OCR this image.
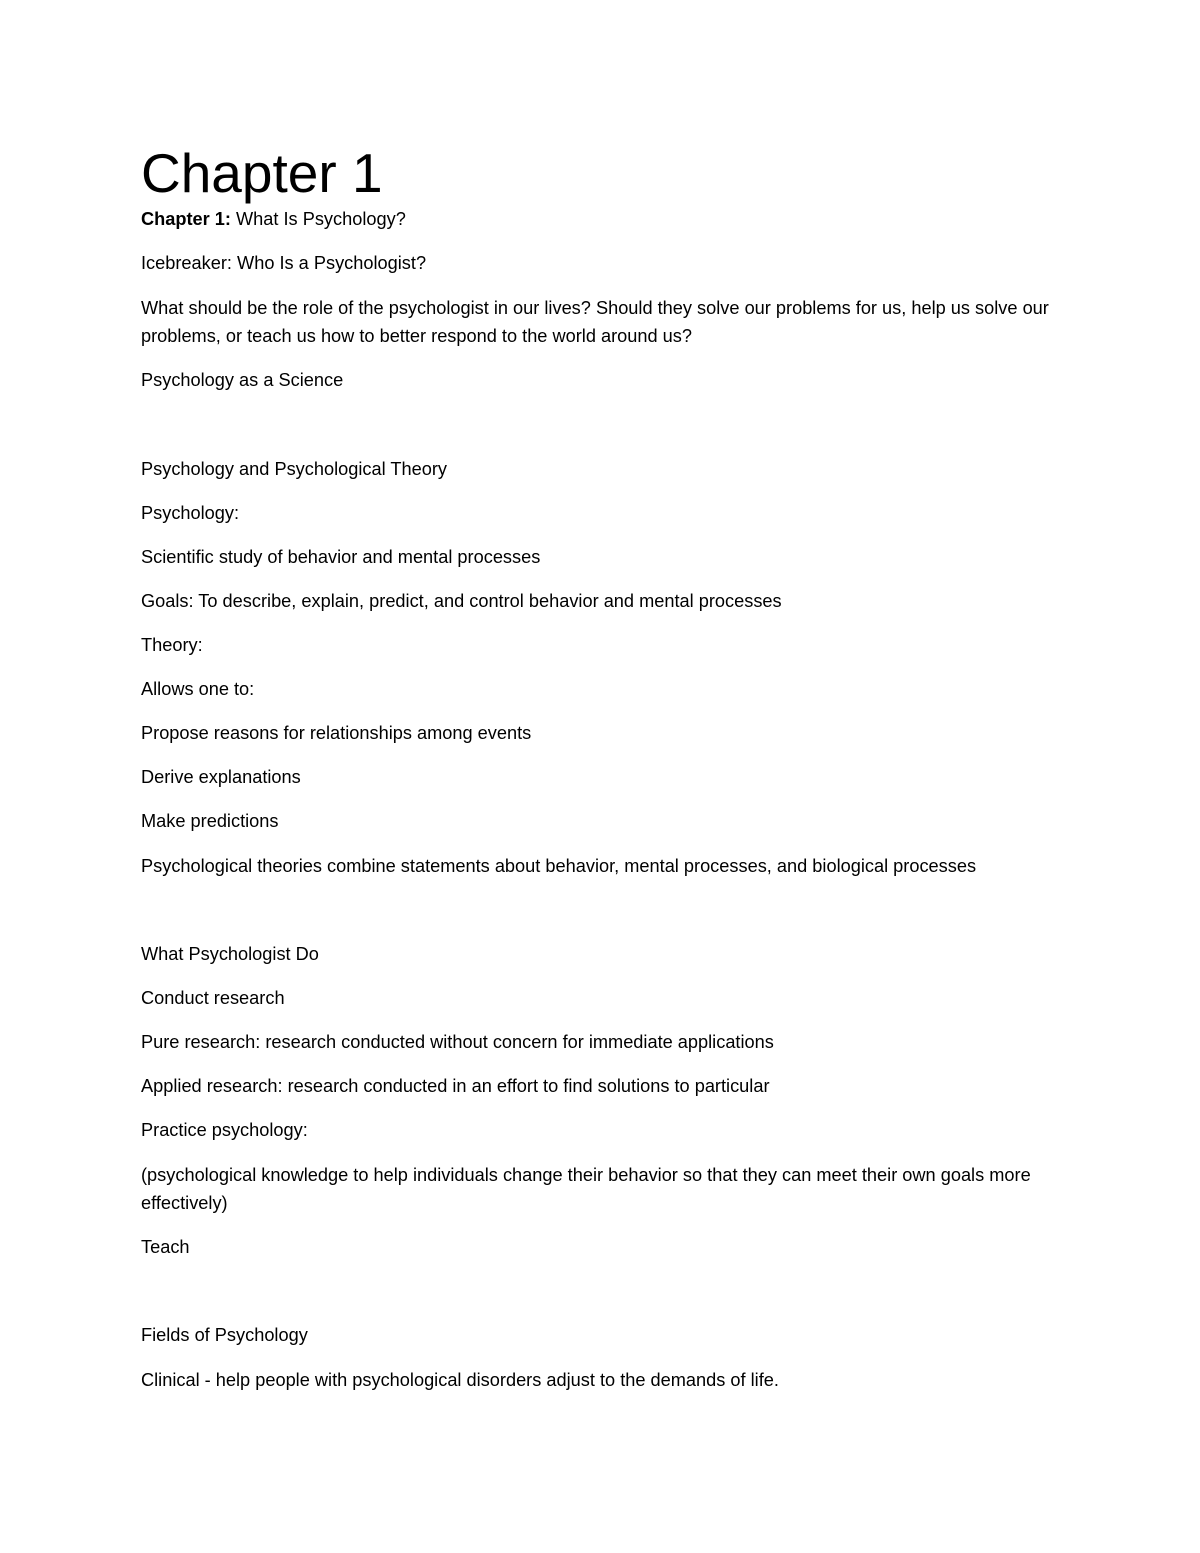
Chapter 1

Chapter 1: What Is Psychology?

Icebreaker: Who Is a Psychologist?

What should be the role of the psychologist in our lives? Should they solve our problems for us, help us solve our problems, or teach us how to better respond to the world around us?

Psychology as a Science

Psychology and Psychological Theory

Psychology:

Scientific study of behavior and mental processes

Goals: To describe, explain, predict, and control behavior and mental processes

Theory:

Allows one to:

Propose reasons for relationships among events

Derive explanations

Make predictions

Psychological theories combine statements about behavior, mental processes, and biological processes

What Psychologist Do

Conduct research

Pure research: research conducted without concern for immediate applications

Applied research: research conducted in an effort to find solutions to particular

Practice psychology:

(psychological knowledge to help individuals change their behavior so that they can meet their own goals more effectively)

Teach

Fields of Psychology

Clinical - help people with psychological disorders adjust to the demands of life.
